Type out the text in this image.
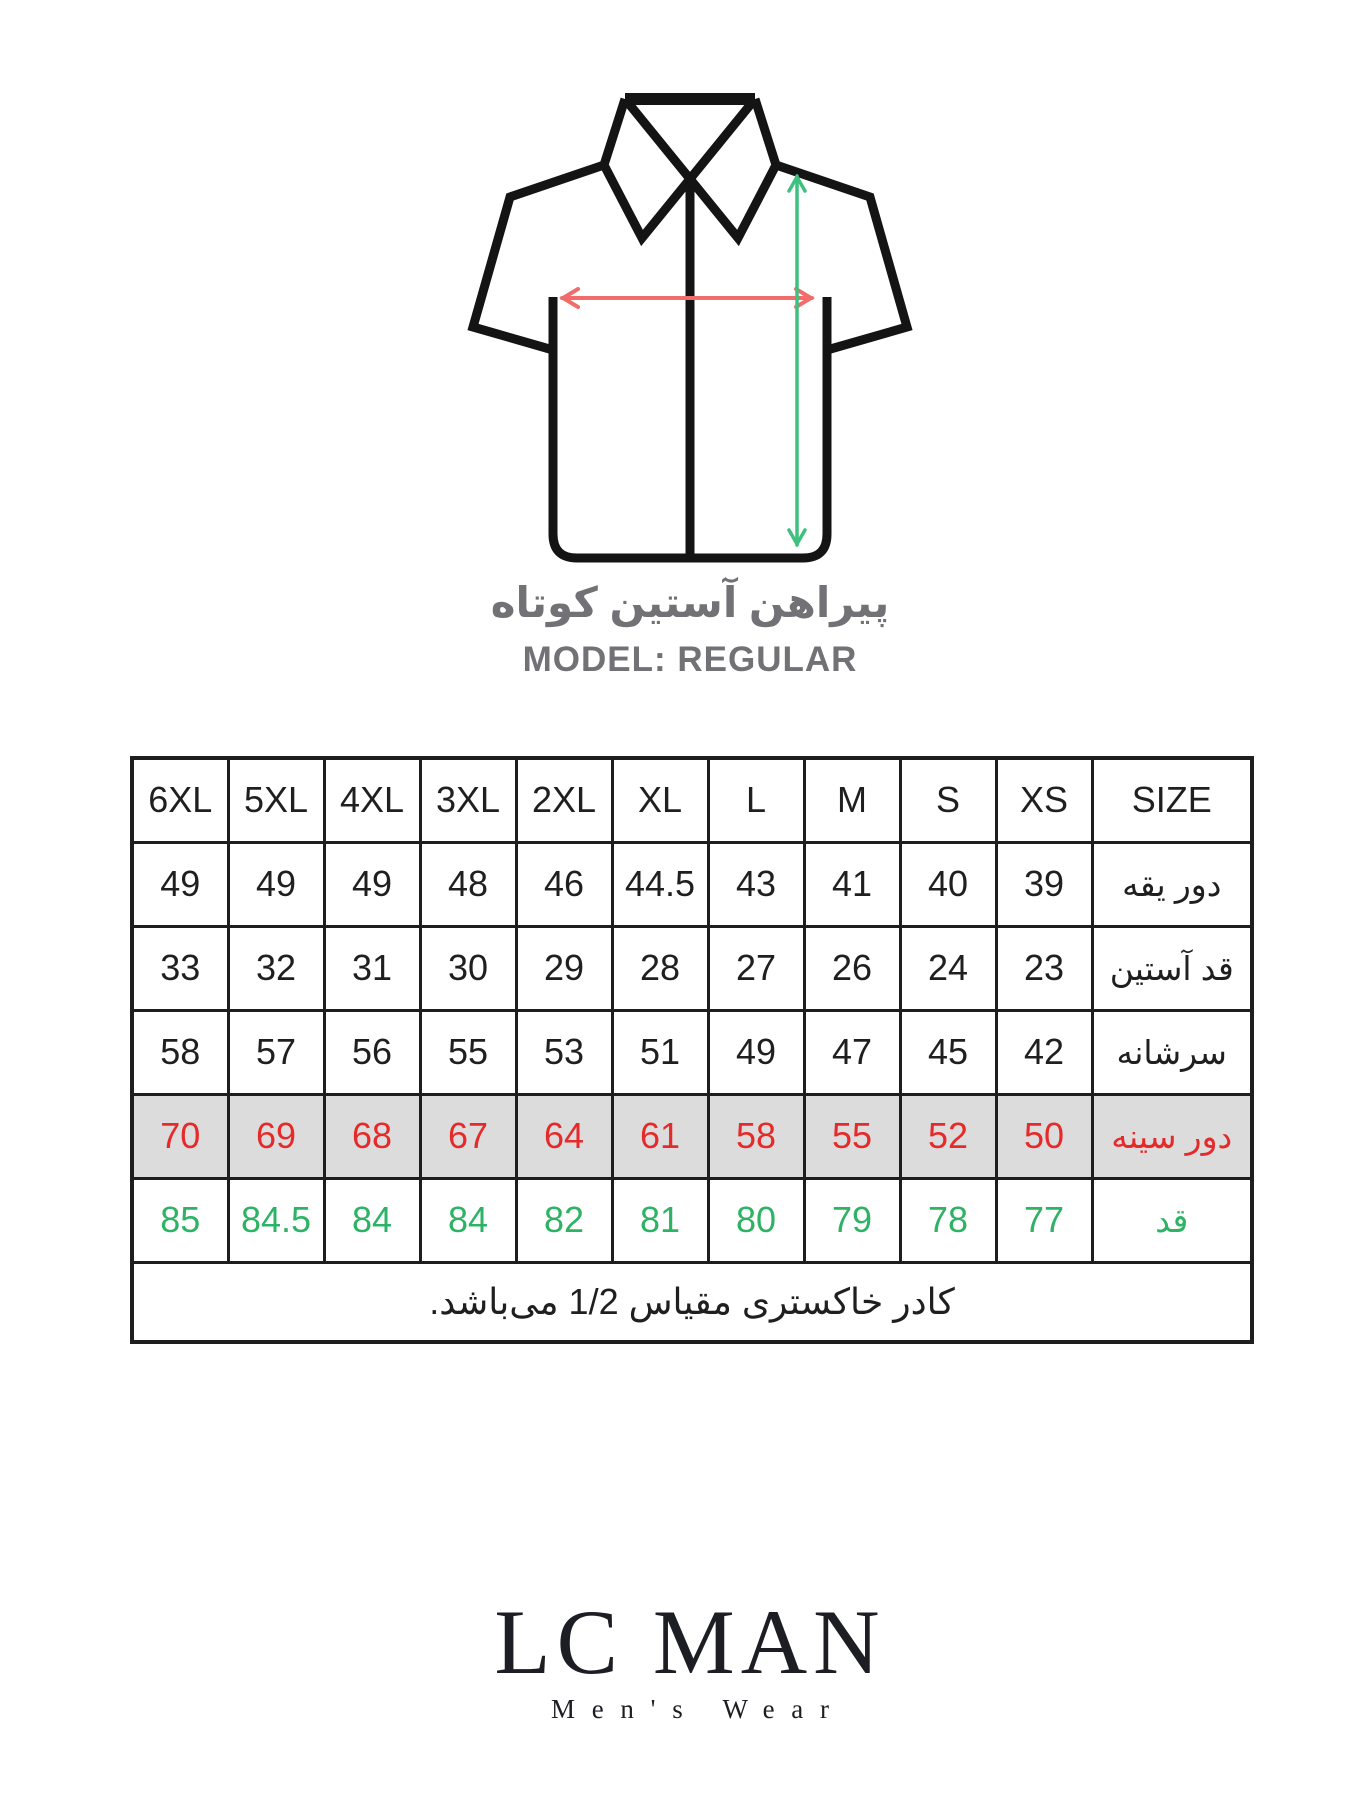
پیراهن آستین کوتاه
MODEL: REGULAR
6XL	5XL	4XL	3XL	2XL	XL	L	M	S	XS	SIZE
49	49	49	48	46	44.5	43	41	40	39	دور یقه
33	32	31	30	29	28	27	26	24	23	قد آستین
58	57	56	55	53	51	49	47	45	42	سرشانه
70	69	68	67	64	61	58	55	52	50	دور سینه
85	84.5	84	84	82	81	80	79	78	77	قد
کادر خاکستری مقیاس 1/2 می‌باشد.										
LC MAN
Men's Wear
